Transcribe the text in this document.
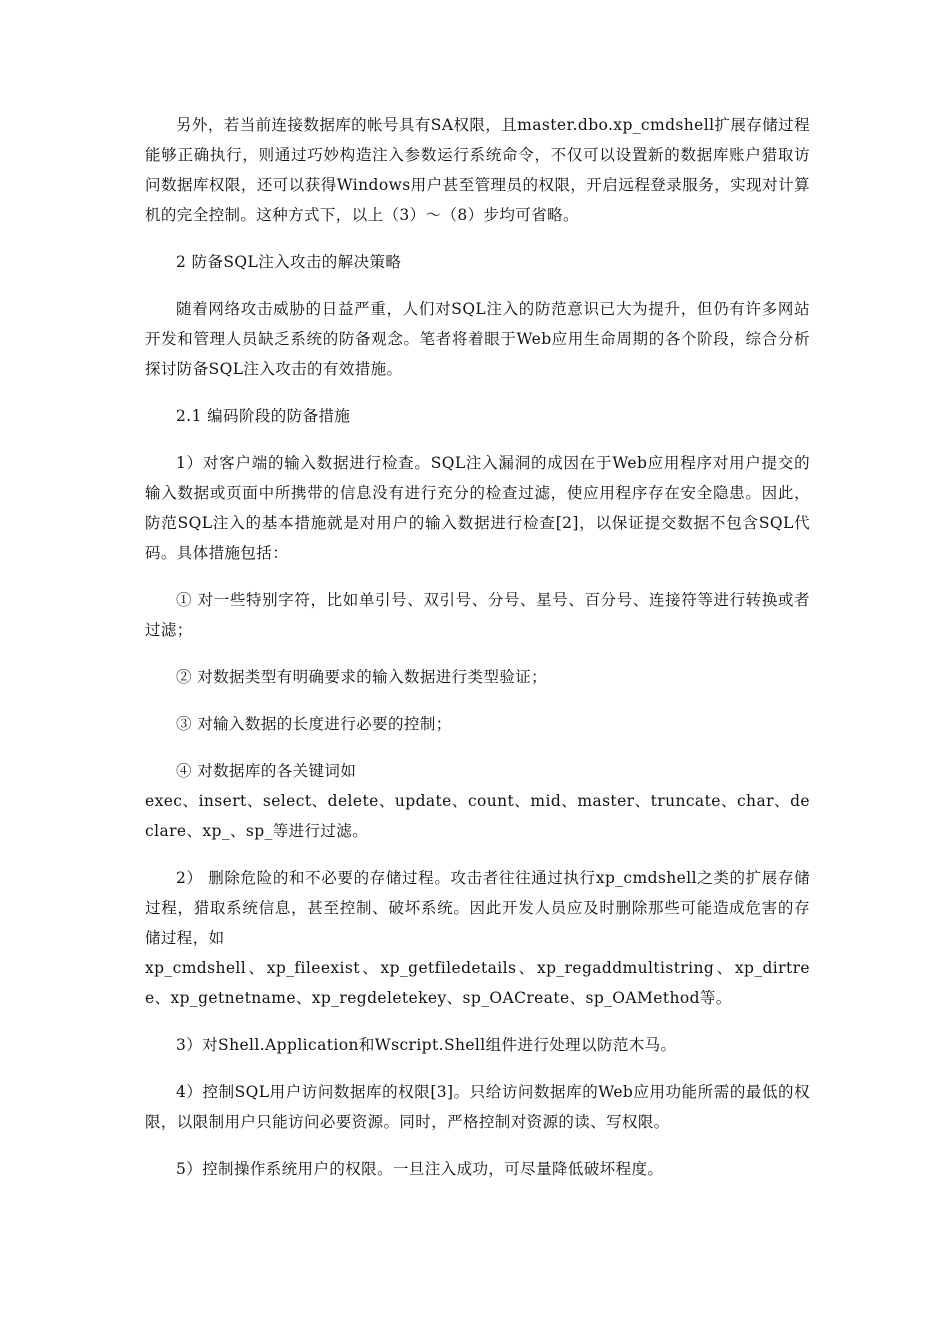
另外，若当前连接数据库的帐号具有SA权限，且master.dbo.xp_cmdshell扩展存储过程能够正确执行，则通过巧妙构造注入参数运行系统命令，不仅可以设置新的数据库账户猎取访问数据库权限，还可以获得Windows用户甚至管理员的权限，开启远程登录服务，实现对计算机的完全控制。这种方式下，以上（3）～（8）步均可省略。

2 防备SQL注入攻击的解决策略

随着网络攻击威胁的日益严重，人们对SQL注入的防范意识已大为提升，但仍有许多网站开发和管理人员缺乏系统的防备观念。笔者将着眼于Web应用生命周期的各个阶段，综合分析探讨防备SQL注入攻击的有效措施。

2.1 编码阶段的防备措施

1）对客户端的输入数据进行检查。SQL注入漏洞的成因在于Web应用程序对用户提交的输入数据或页面中所携带的信息没有进行充分的检查过滤，使应用程序存在安全隐患。因此，防范SQL注入的基本措施就是对用户的输入数据进行检查[2]，以保证提交数据不包含SQL代码。具体措施包括：

① 对一些特别字符，比如单引号、双引号、分号、星号、百分号、连接符等进行转换或者过滤；

② 对数据类型有明确要求的输入数据进行类型验证；

③ 对输入数据的长度进行必要的控制；

④ 对数据库的各关键词如
exec、insert、select、delete、update、count、mid、master、truncate、char、declare、xp_、sp_等进行过滤。

2） 删除危险的和不必要的存储过程。攻击者往往通过执行xp_cmdshell之类的扩展存储过程，猎取系统信息，甚至控制、破坏系统。因此开发人员应及时删除那些可能造成危害的存储过程，如
xp_cmdshell、xp_fileexist、xp_getfiledetails、xp_regaddmultistring、xp_dirtree、xp_getnetname、xp_regdeletekey、sp_OACreate、sp_OAMethod等。

3）对Shell.Application和Wscript.Shell组件进行处理以防范木马。

4）控制SQL用户访问数据库的权限[3]。只给访问数据库的Web应用功能所需的最低的权限，以限制用户只能访问必要资源。同时，严格控制对资源的读、写权限。

5）控制操作系统用户的权限。一旦注入成功，可尽量降低破坏程度。
